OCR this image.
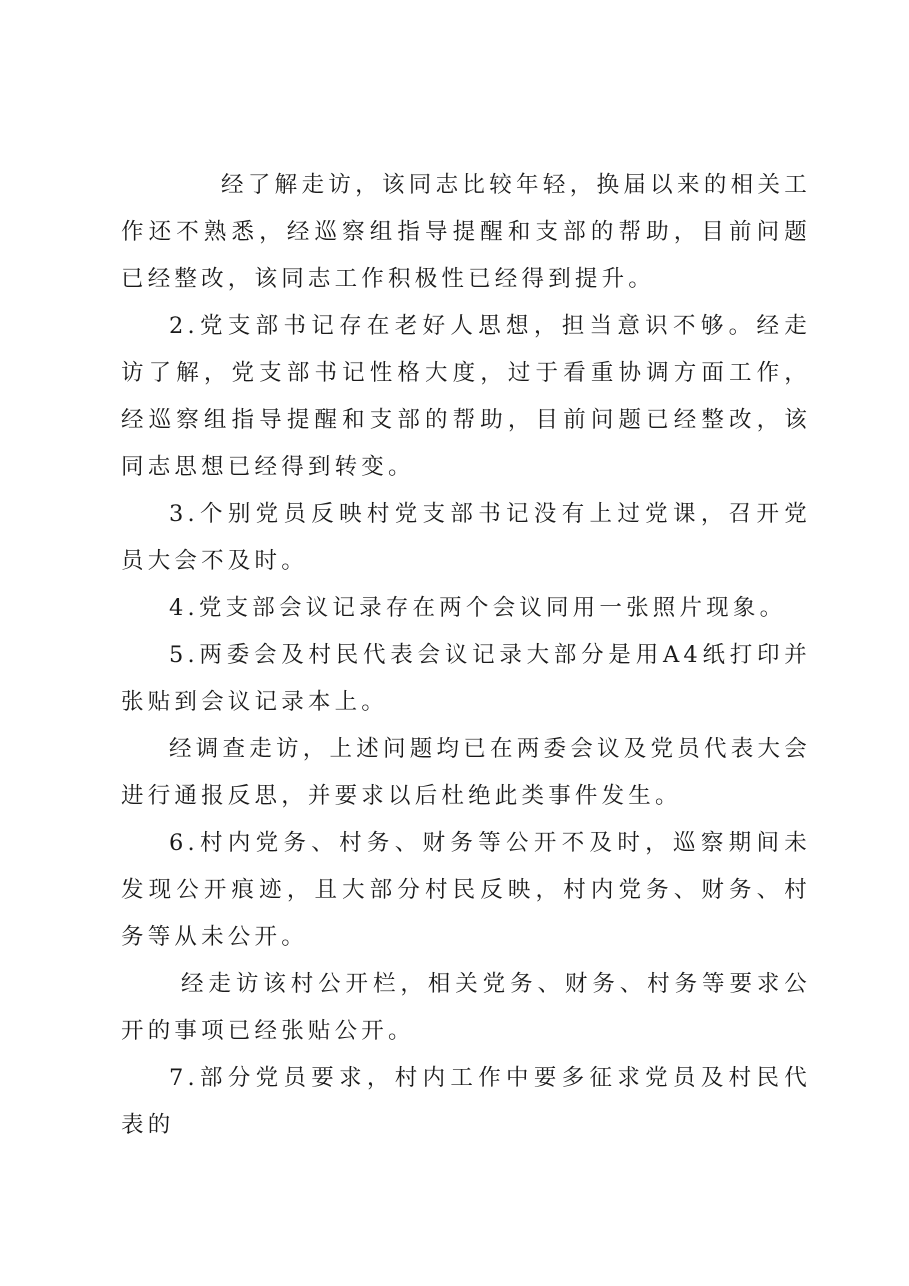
经了解走访，该同志比较年轻，换届以来的相关工作还不熟悉，经巡察组指导提醒和支部的帮助，目前问题已经整改，该同志工作积极性已经得到提升。

2.党支部书记存在老好人思想，担当意识不够。经走访了解，党支部书记性格大度，过于看重协调方面工作，经巡察组指导提醒和支部的帮助，目前问题已经整改，该同志思想已经得到转变。

3.个别党员反映村党支部书记没有上过党课，召开党员大会不及时。

4.党支部会议记录存在两个会议同用一张照片现象。

5.两委会及村民代表会议记录大部分是用A4纸打印并张贴到会议记录本上。

经调查走访，上述问题均已在两委会议及党员代表大会进行通报反思，并要求以后杜绝此类事件发生。

6.村内党务、村务、财务等公开不及时，巡察期间未发现公开痕迹，且大部分村民反映，村内党务、财务、村务等从未公开。

经走访该村公开栏，相关党务、财务、村务等要求公开的事项已经张贴公开。

7.部分党员要求，村内工作中要多征求党员及村民代表的
